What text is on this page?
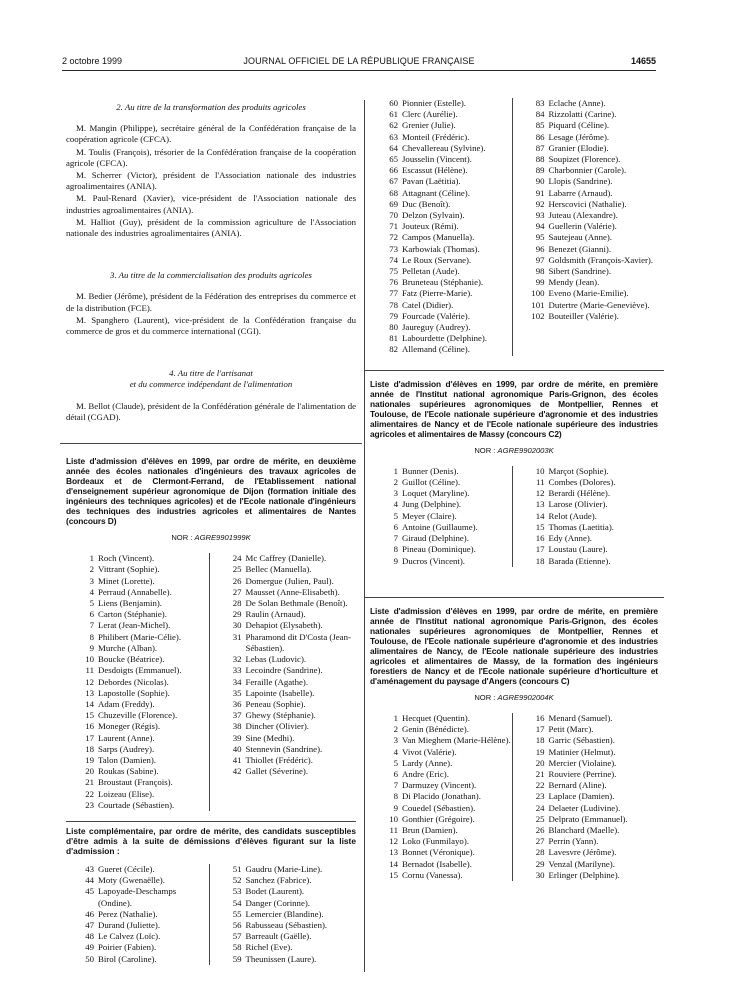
2 octobre 1999	JOURNAL OFFICIEL DE LA RÉPUBLIQUE FRANÇAISE	14655
2. Au titre de la transformation des produits agricoles

M. Mangin (Philippe), secrétaire général de la Confédération française de la coopération agricole (CFCA).

M. Toulis (François), trésorier de la Confédération française de la coopération agricole (CFCA).

M. Scherrer (Victor), président de l'Association nationale des industries agroalimentaires (ANIA).

M. Paul-Renard (Xavier), vice-président de l'Association nationale des industries agroalimentaires (ANIA).

M. Halliot (Guy), président de la commission agriculture de l'Association nationale des industries agroalimentaires (ANIA).

3. Au titre de la commercialisation des produits agricoles

M. Bedier (Jérôme), président de la Fédération des entreprises du commerce et de la distribution (FCE).

M. Spanghero (Laurent), vice-président de la Confédération française du commerce de gros et du commerce international (CGI).

4. Au titre de l'artisanat
et du commerce indépendant de l'alimentation

M. Bellot (Claude), président de la Confédération générale de l'alimentation de détail (CGAD).

Liste d'admission d'élèves en 1999, par ordre de mérite, en deuxième année des écoles nationales d'ingénieurs des travaux agricoles de Bordeaux et de Clermont-Ferrand, de l'Etablissement national d'enseignement supérieur agronomique de Dijon (formation initiale des ingénieurs des techniques agricoles) et de l'Ecole nationale d'ingénieurs des techniques des industries agricoles et alimentaires de Nantes (concours D)

NOR : AGRE9901999K
1 Roch (Vincent).
2 Vittrant (Sophie).
3 Minet (Lorette).
4 Perraud (Annabelle).
5 Liens (Benjamin).
6 Carton (Stéphanie).
7 Lerat (Jean-Michel).
8 Philibert (Marie-Célie).
9 Murche (Alban).
10 Boucke (Béatrice).
11 Desdoigts (Emmanuel).
12 Debordes (Nicolas).
13 Lapostolle (Sophie).
14 Adam (Freddy).
15 Chuzeville (Florence).
16 Moneger (Régis).
17 Laurent (Anne).
18 Sarps (Audrey).
19 Talon (Damien).
20 Roukas (Sabine).
21 Broustaut (François).
22 Loizeau (Elise).
23 Courtade (Sébastien).
24 Mc Caffrey (Danielle).
25 Bellec (Manuella).
26 Domergue (Julien, Paul).
27 Mausset (Anne-Elisabeth).
28 De Solan Bethmale (Benoît).
29 Raulin (Arnaud).
30 Dehapiot (Elysabeth).
31 Pharamond dit D'Costa (Jean-Sébastien).
32 Lebas (Ludovic).
33 Lecoindre (Sandrine).
34 Feraille (Agathe).
35 Lapointe (Isabelle).
36 Peneau (Sophie).
37 Ghewy (Stéphanie).
38 Dincher (Olivier).
39 Sine (Medhi).
40 Stennevin (Sandrine).
41 Thiollet (Frédéric).
42 Gallet (Séverine).

Liste complémentaire, par ordre de mérite, des candidats susceptibles d'être admis à la suite de démissions d'élèves figurant sur la liste d'admission :

43 Gueret (Cécile).
44 Moty (Gwenaëlle).
45 Lapoyade-Deschamps (Ondine).
46 Perez (Nathalie).
47 Durand (Juliette).
48 Le Calvez (Loïc).
49 Poirier (Fabien).
50 Birol (Caroline).
51 Gaudru (Marie-Line).
52 Sanchez (Fabrice).
53 Bodet (Laurent).
54 Danger (Corinne).
55 Lemercier (Blandine).
56 Rabusseau (Sébastien).
57 Barreault (Gaëlle).
58 Richel (Eve).
59 Theunissen (Laure).
60 Pionnier (Estelle).
61 Clerc (Aurélie).
62 Grenier (Julie).
63 Monteil (Frédéric).
64 Chevallereau (Sylvine).
65 Jousselin (Vincent).
66 Escassut (Hélène).
67 Pavan (Laëtitia).
68 Attagnant (Céline).
69 Duc (Benoît).
70 Delzon (Sylvain).
71 Jouteux (Rémi).
72 Campos (Manuella).
73 Karbowiak (Thomas).
74 Le Roux (Servane).
75 Pelletan (Aude).
76 Bruneteau (Stéphanie).
77 Fatz (Pierre-Marie).
78 Catel (Didier).
79 Fourcade (Valérie).
80 Jaureguy (Audrey).
81 Labourdette (Delphine).
82 Allemand (Céline).
83 Eclache (Anne).
84 Rizzolatti (Carine).
85 Piquard (Céline).
86 Lesage (Jérôme).
87 Granier (Elodie).
88 Soupizet (Florence).
89 Charbonnier (Carole).
90 Llopis (Sandrine).
91 Labarre (Arnaud).
92 Herscovici (Nathalie).
93 Juteau (Alexandre).
94 Guellerin (Valérie).
95 Sautejeau (Anne).
96 Benezet (Gianni).
97 Goldsmith (François-Xavier).
98 Sibert (Sandrine).
99 Mendy (Jean).
100 Eveno (Marie-Emilie).
101 Dutertre (Marie-Geneviève).
102 Bouteiller (Valérie).

Liste d'admission d'élèves en 1999, par ordre de mérite, en première année de l'Institut national agronomique Paris-Grignon, des écoles nationales supérieures agronomiques de Montpellier, Rennes et Toulouse, de l'Ecole nationale supérieure d'agronomie et des industries alimentaires de Nancy et de l'Ecole nationale supérieure des industries agricoles et alimentaires de Massy (concours C2)

NOR : AGRE9902003K
1 Bunner (Denis).
2 Guillot (Céline).
3 Loquet (Maryline).
4 Jung (Delphine).
5 Meyer (Claire).
6 Antoine (Guillaume).
7 Giraud (Delphine).
8 Pineau (Dominique).
9 Ducros (Vincent).
10 Marçot (Sophie).
11 Combes (Dolores).
12 Berardi (Hélène).
13 Larose (Olivier).
14 Relot (Aude).
15 Thomas (Laetitia).
16 Edy (Anne).
17 Loustau (Laure).
18 Barada (Etienne).

Liste d'admission d'élèves en 1999, par ordre de mérite, en première année de l'Institut national agronomique Paris-Grignon, des écoles nationales supérieures agronomiques de Montpellier, Rennes et Toulouse, de l'Ecole nationale supérieure d'agronomie et des industries alimentaires de Nancy, de l'Ecole nationale supérieure des industries agricoles et alimentaires de Massy, de la formation des ingénieurs forestiers de Nancy et de l'Ecole nationale supérieure d'horticulture et d'aménagement du paysage d'Angers (concours C)

NOR : AGRE9902004K
1 Hecquet (Quentin).
2 Genin (Bénédicte).
3 Van Mieghem (Marie-Hélène).
4 Vivot (Valérie).
5 Lardy (Anne).
6 Andre (Eric).
7 Darmuzey (Vincent).
8 Di Placido (Jonathan).
9 Couedel (Sébastien).
10 Gonthier (Grégoire).
11 Brun (Damien).
12 Loko (Funmilayo).
13 Bonnet (Véronique).
14 Bernadot (Isabelle).
15 Cornu (Vanessa).
16 Menard (Samuel).
17 Petit (Marc).
18 Garric (Sébastien).
19 Matinier (Helmut).
20 Mercier (Violaine).
21 Rouviere (Perrine).
22 Bernard (Aline).
23 Laplace (Damien).
24 Delaeter (Ludivine).
25 Delprato (Emmanuel).
26 Blanchard (Maelle).
27 Perrin (Yann).
28 Lavesvre (Jérôme).
29 Venzal (Marilyne).
30 Erlinger (Delphine).
